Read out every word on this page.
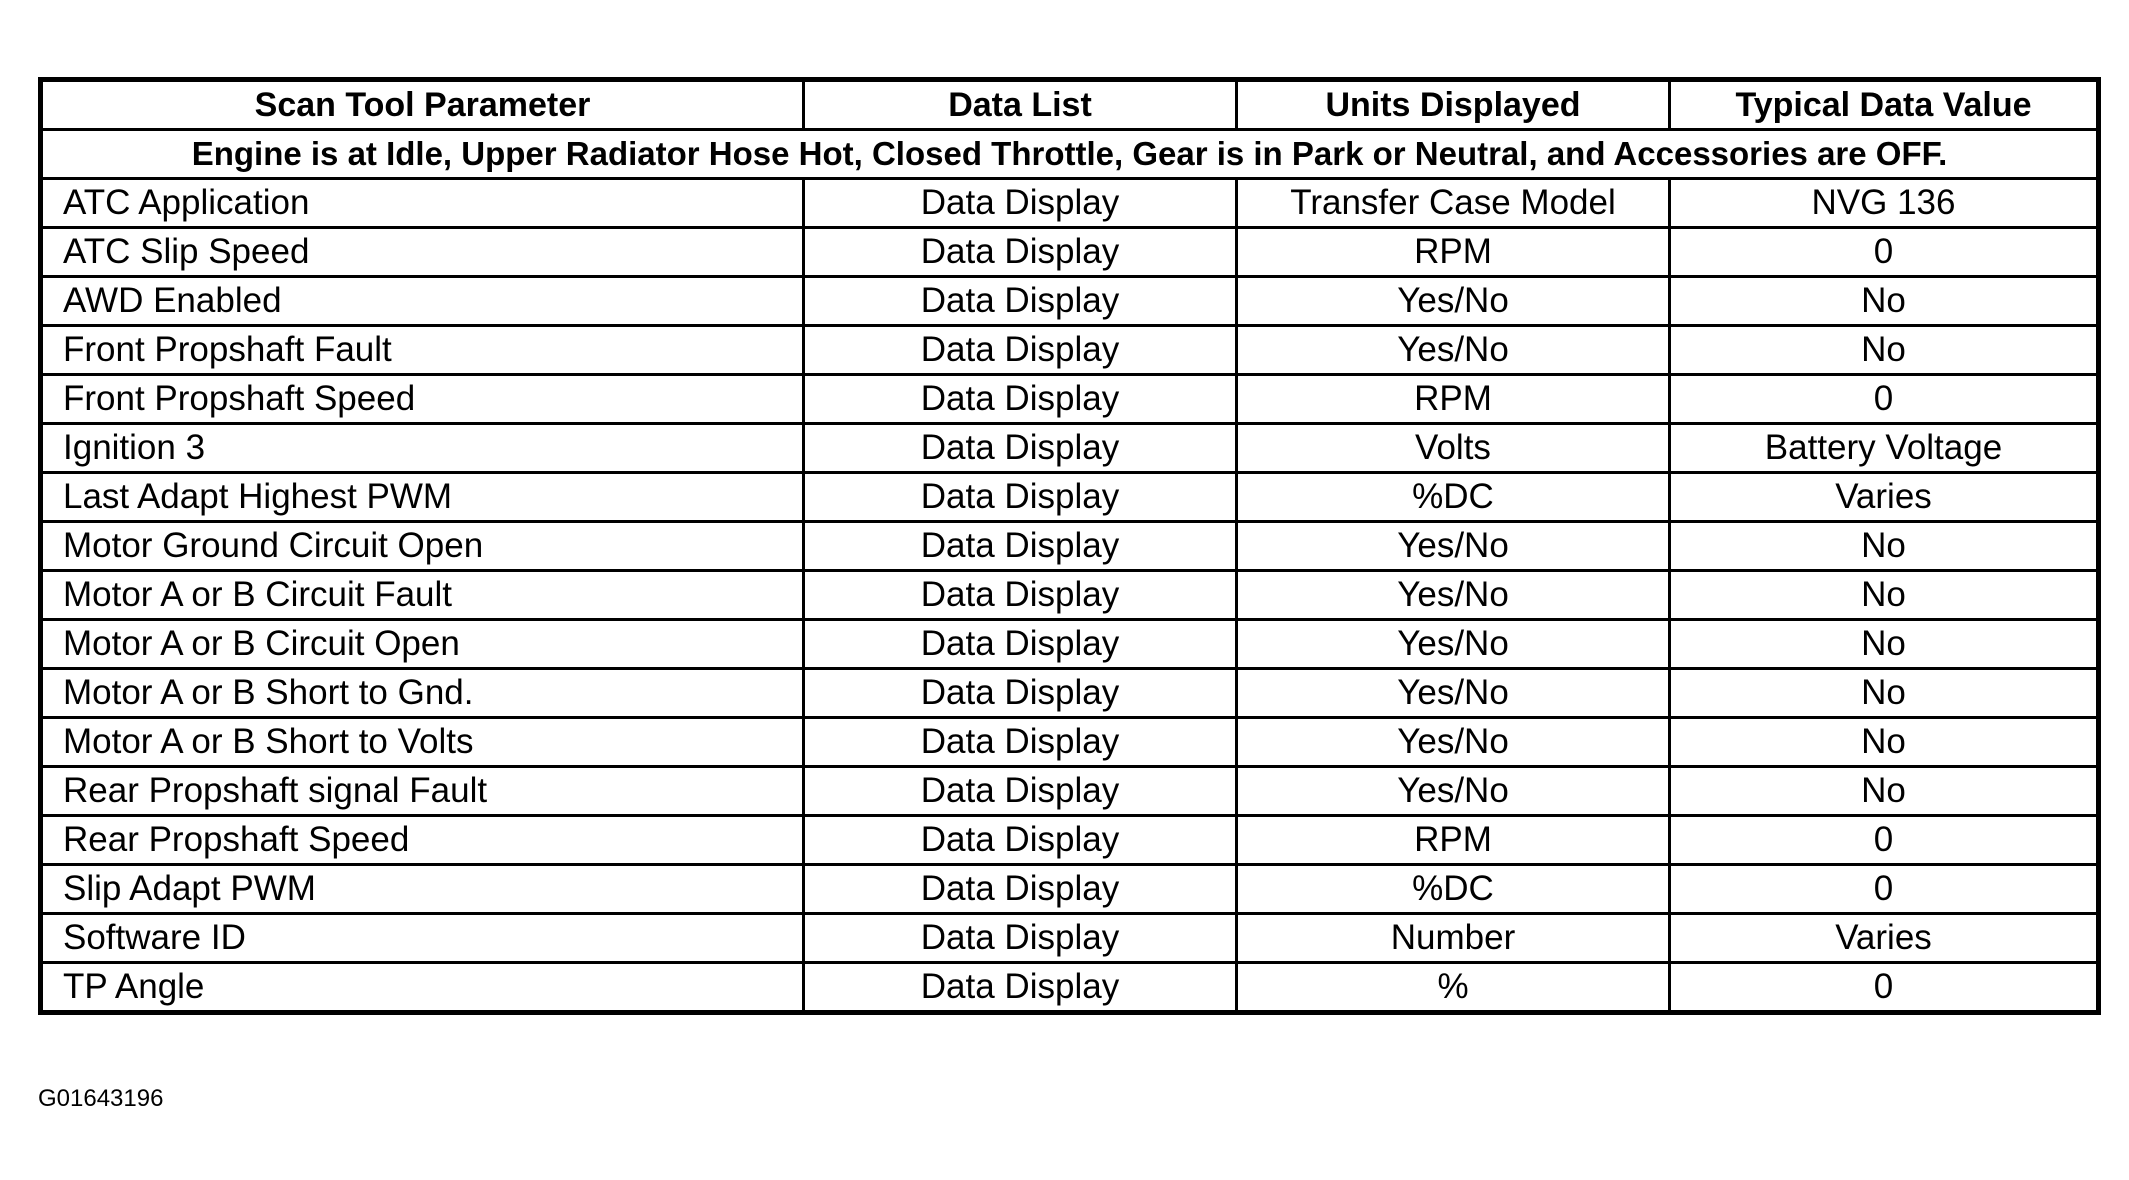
Scan Tool Parameter	Data List	Units Displayed	Typical Data Value
Engine is at Idle, Upper Radiator Hose Hot, Closed Throttle, Gear is in Park or Neutral, and Accessories are OFF.			
ATC Application	Data Display	Transfer Case Model	NVG 136
ATC Slip Speed	Data Display	RPM	0
AWD Enabled	Data Display	Yes/No	No
Front Propshaft Fault	Data Display	Yes/No	No
Front Propshaft Speed	Data Display	RPM	0
Ignition 3	Data Display	Volts	Battery Voltage
Last Adapt Highest PWM	Data Display	%DC	Varies
Motor Ground Circuit Open	Data Display	Yes/No	No
Motor A or B Circuit Fault	Data Display	Yes/No	No
Motor A or B Circuit Open	Data Display	Yes/No	No
Motor A or B Short to Gnd.	Data Display	Yes/No	No
Motor A or B Short to Volts	Data Display	Yes/No	No
Rear Propshaft signal Fault	Data Display	Yes/No	No
Rear Propshaft Speed	Data Display	RPM	0
Slip Adapt PWM	Data Display	%DC	0
Software ID	Data Display	Number	Varies
TP Angle	Data Display	%	0
G01643196
